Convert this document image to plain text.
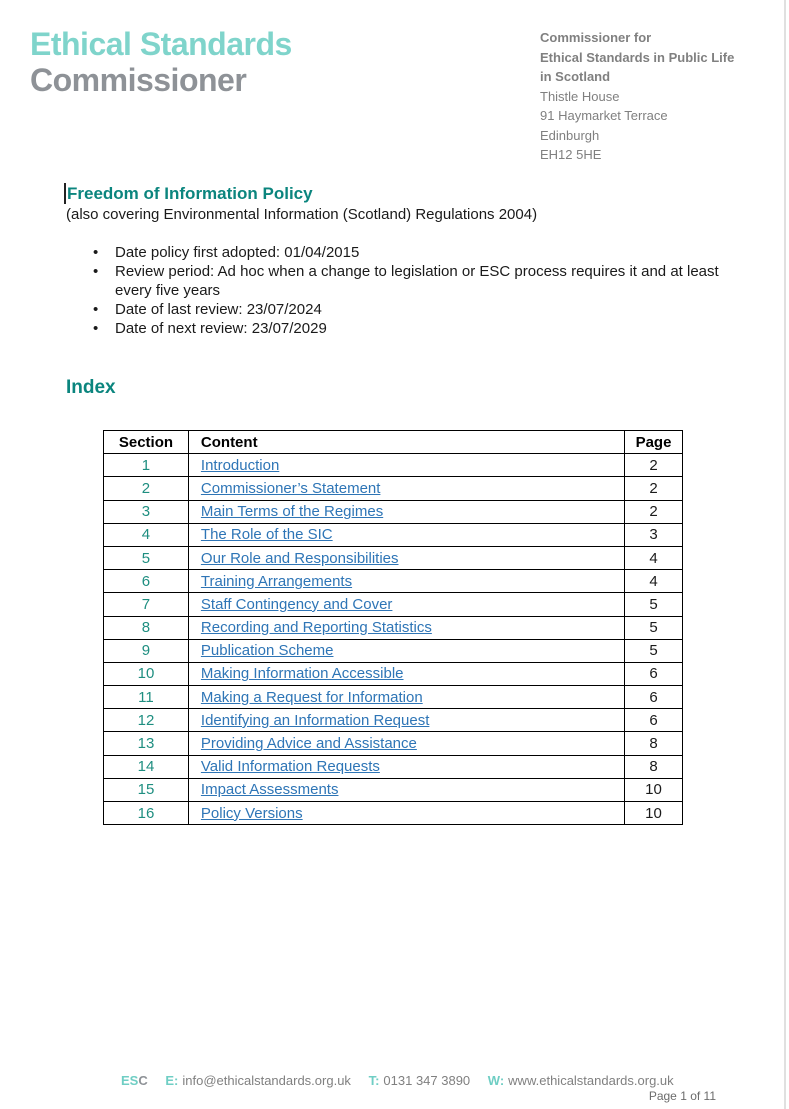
Ethical Standards
Commissioner
Commissioner for
Ethical Standards in Public Life
in Scotland
Thistle House
91 Haymarket Terrace
Edinburgh
EH12 5HE
Freedom of Information Policy
(also covering Environmental Information (Scotland) Regulations 2004)
• Date policy first adopted: 01/04/2015
• Review period: Ad hoc when a change to legislation or ESC process requires it and at least every five years
• Date of last review: 23/07/2024
• Date of next review: 23/07/2029
Index
Section	Content	Page
1	Introduction	2
2	Commissioner’s Statement	2
3	Main Terms of the Regimes	2
4	The Role of the SIC	3
5	Our Role and Responsibilities	4
6	Training Arrangements	4
7	Staff Contingency and Cover	5
8	Recording and Reporting Statistics	5
9	Publication Scheme	5
10	Making Information Accessible	6
11	Making a Request for Information	6
12	Identifying an Information Request	6
13	Providing Advice and Assistance	8
14	Valid Information Requests	8
15	Impact Assessments	10
16	Policy Versions	10
ESC E: info@ethicalstandards.org.uk T: 0131 347 3890 W: www.ethicalstandards.org.uk
Page 1 of 11
